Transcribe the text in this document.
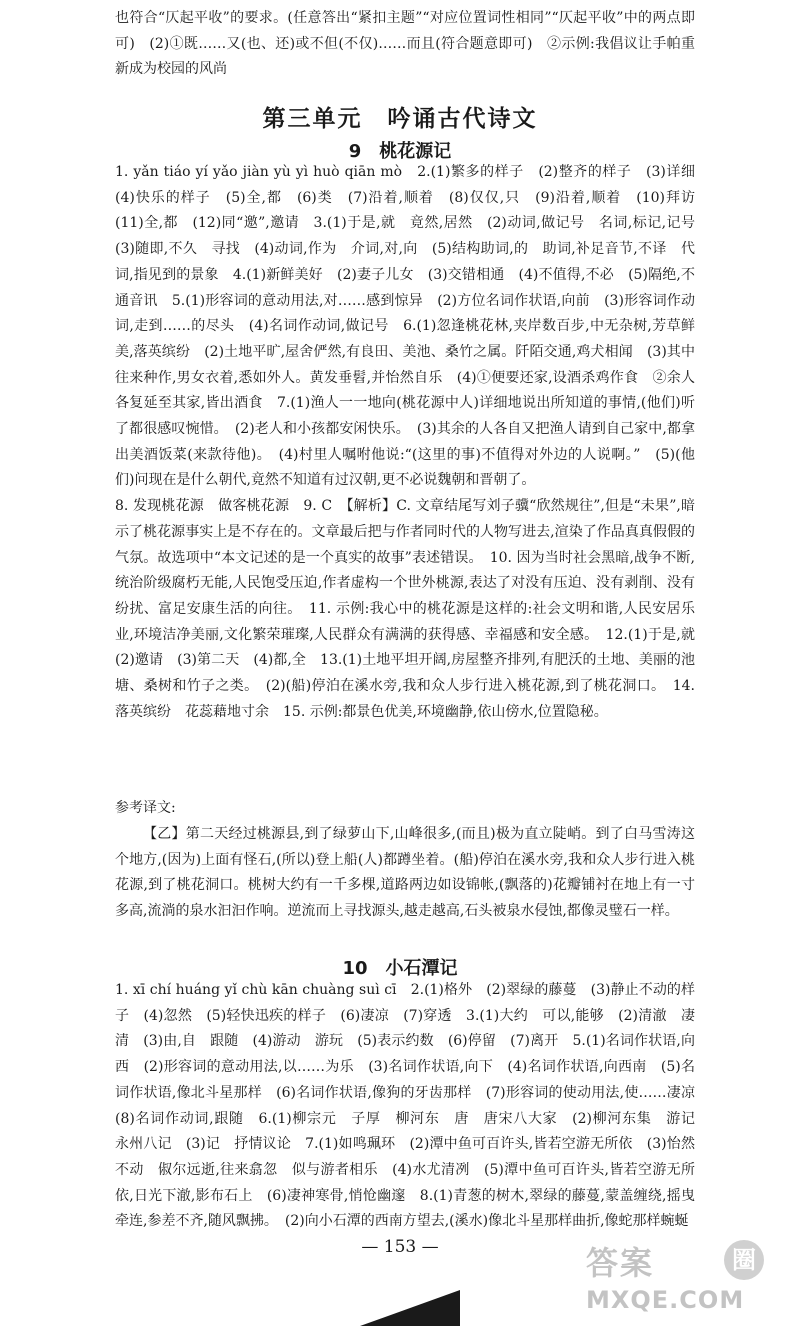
也符合“仄起平收”的要求。(任意答出“紧扣主题”“对应位置词性相同”“仄起平收”中的两点即可)　(2)①既……又(也、还)或不但(不仅)……而且(符合题意即可)　②示例:我倡议让手帕重新成为校园的风尚

第三单元　吟诵古代诗文
9　桃花源记

1. yǎn tiáo yí yǎo jiàn yù yì huò qiān mò　2.(1)繁多的样子　(2)整齐的样子　(3)详细　(4)快乐的样子　(5)全,都　(6)类　(7)沿着,顺着　(8)仅仅,只　(9)沿着,顺着　(10)拜访　(11)全,都　(12)同“邀”,邀请　3.(1)于是,就　竟然,居然　(2)动词,做记号　名词,标记,记号　(3)随即,不久　寻找　(4)动词,作为　介词,对,向　(5)结构助词,的　助词,补足音节,不译　代词,指见到的景象　4.(1)新鲜美好　(2)妻子儿女　(3)交错相通　(4)不值得,不必　(5)隔绝,不通音讯　5.(1)形容词的意动用法,对……感到惊异　(2)方位名词作状语,向前　(3)形容词作动词,走到……的尽头　(4)名词作动词,做记号　6.(1)忽逢桃花林,夹岸数百步,中无杂树,芳草鲜美,落英缤纷　(2)土地平旷,屋舍俨然,有良田、美池、桑竹之属。阡陌交通,鸡犬相闻　(3)其中往来种作,男女衣着,悉如外人。黄发垂髫,并怡然自乐　(4)①便要还家,设酒杀鸡作食　②余人各复延至其家,皆出酒食　7.(1)渔人一一地向(桃花源中人)详细地说出所知道的事情,(他们)听了都很感叹惋惜。　(2)老人和小孩都安闲快乐。　(3)其余的人各自又把渔人请到自己家中,都拿出美酒饭菜(来款待他)。　(4)村里人嘱咐他说:“(这里的事)不值得对外边的人说啊。”　(5)(他们)问现在是什么朝代,竟然不知道有过汉朝,更不必说魏朝和晋朝了。
8. 发现桃花源　做客桃花源　9. C　【解析】C. 文章结尾写刘子骥“欣然规往”,但是“未果”,暗示了桃花源事实上是不存在的。文章最后把与作者同时代的人物写进去,渲染了作品真真假假的气氛。故选项中“本文记述的是一个真实的故事”表述错误。　10. 因为当时社会黑暗,战争不断,统治阶级腐朽无能,人民饱受压迫,作者虚构一个世外桃源,表达了对没有压迫、没有剥削、没有纷扰、富足安康生活的向往。　11. 示例:我心中的桃花源是这样的:社会文明和谐,人民安居乐业,环境洁净美丽,文化繁荣璀璨,人民群众有满满的获得感、幸福感和安全感。　12.(1)于是,就　(2)邀请　(3)第二天　(4)都,全　13.(1)土地平坦开阔,房屋整齐排列,有肥沃的土地、美丽的池塘、桑树和竹子之类。　(2)(船)停泊在溪水旁,我和众人步行进入桃花源,到了桃花洞口。　14. 落英缤纷　花蕊藉地寸余　15. 示例:都景色优美,环境幽静,依山傍水,位置隐秘。

参考译文:

【乙】第二天经过桃源县,到了绿萝山下,山峰很多,(而且)极为直立陡峭。到了白马雪涛这个地方,(因为)上面有怪石,(所以)登上船(人)都蹲坐着。(船)停泊在溪水旁,我和众人步行进入桃花源,到了桃花洞口。桃树大约有一千多棵,道路两边如设锦帐,(飘落的)花瓣铺衬在地上有一寸多高,流淌的泉水汩汩作响。逆流而上寻找源头,越走越高,石头被泉水侵蚀,都像灵璧石一样。

10　小石潭记

1. xī chí huáng yǐ chù kān chuàng suì cī　2.(1)格外　(2)翠绿的藤蔓　(3)静止不动的样子　(4)忽然　(5)轻快迅疾的样子　(6)凄凉　(7)穿透　3.(1)大约　可以,能够　(2)清澈　凄清　(3)由,自　跟随　(4)游动　游玩　(5)表示约数　(6)停留　(7)离开　5.(1)名词作状语,向西　(2)形容词的意动用法,以……为乐　(3)名词作状语,向下　(4)名词作状语,向西南　(5)名词作状语,像北斗星那样　(6)名词作状语,像狗的牙齿那样　(7)形容词的使动用法,使……凄凉　(8)名词作动词,跟随　6.(1)柳宗元　子厚　柳河东　唐　唐宋八大家　(2)柳河东集　游记　永州八记　(3)记　抒情议论　7.(1)如鸣珮环　(2)潭中鱼可百许头,皆若空游无所依　(3)怡然不动　俶尔远逝,往来翕忽　似与游者相乐　(4)水尤清冽　(5)潭中鱼可百许头,皆若空游无所依,日光下澈,影布石上　(6)凄神寒骨,悄怆幽邃　8.(1)青葱的树木,翠绿的藤蔓,蒙盖缠绕,摇曳牵连,参差不齐,随风飘拂。　(2)向小石潭的西南方望去,(溪水)像北斗星那样曲折,像蛇那样蜿蜒

— 153 —	答案	圈
MXQE.COM
